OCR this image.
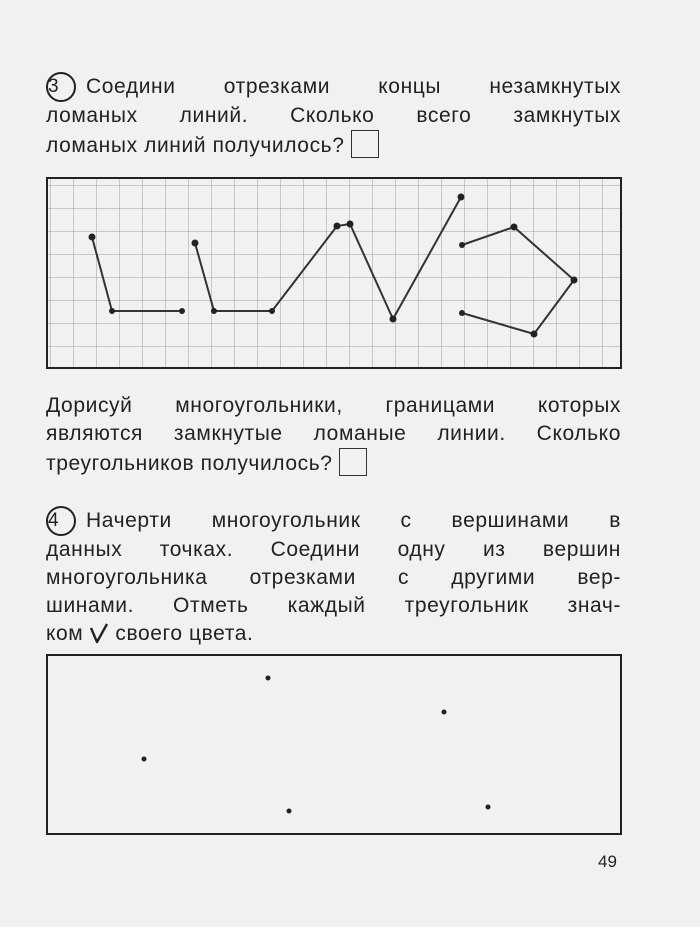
3 Соедини отрезками концы незамкнутых
ломаных линий. Сколько всего замкнутых
ломаных линий получилось?
Дорисуй многоугольники, границами которых
являются замкнутые ломаные линии. Сколько
треугольников получилось?
4 Начерти многоугольник с вершинами в
данных точках. Соедини одну из вершин
многоугольника отрезками с другими вер-
шинами. Отметь каждый треугольник знач-
ком своего цвета.
49
